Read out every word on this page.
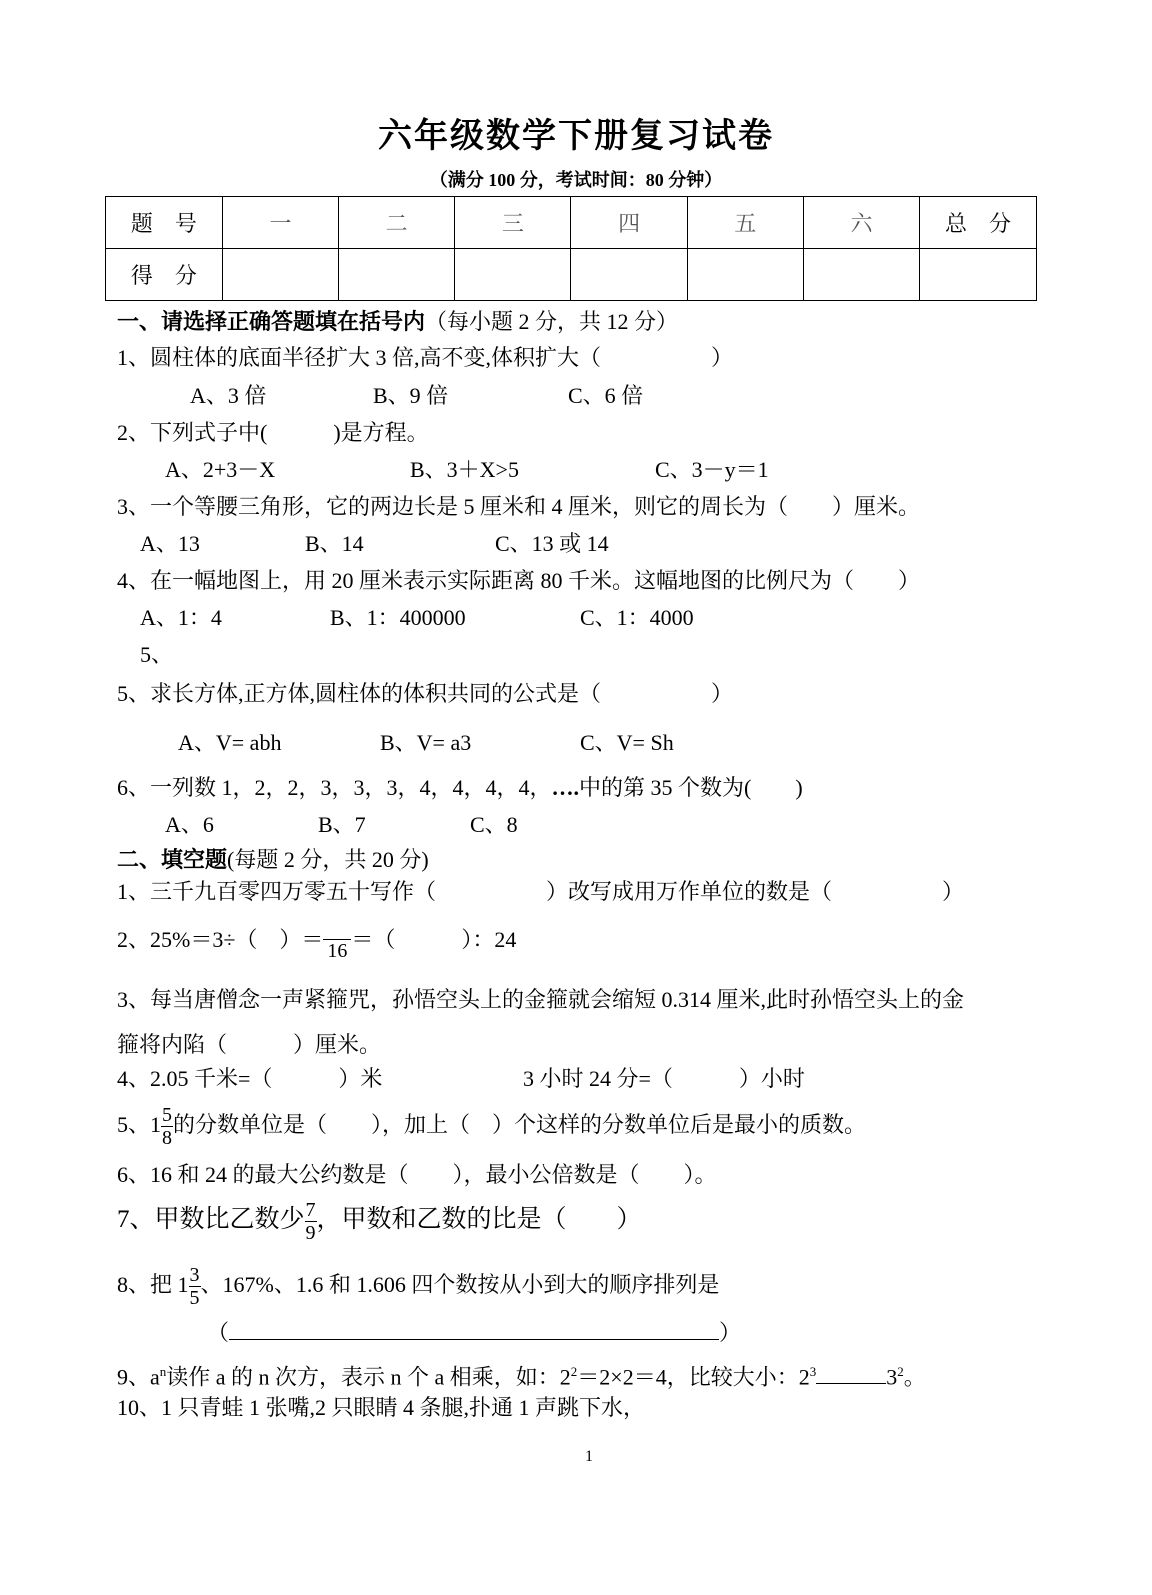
六年级数学下册复习试卷
（满分 100 分，考试时间：80 分钟）
题　号	一	二	三	四	五	六	总　分
得　分							
一、请选择正确答题填在括号内（每小题 2 分，共 12 分）
1、圆柱体的底面半径扩大 3 倍,高不变,体积扩大（　　　　　）
A、3 倍	B、9 倍	C、6 倍
2、下列式子中(　　　)是方程。
A、2+3－X	B、3＋X>5	C、3－y＝1
3、一个等腰三角形，它的两边长是 5 厘米和 4 厘米，则它的周长为（　　）厘米。
A、13	B、14	C、13 或 14
4、在一幅地图上，用 20 厘米表示实际距离 80 千米。这幅地图的比例尺为（　　）
A、1：4	B、1：400000	C、1：4000
5、
5、求长方体,正方体,圆柱体的体积共同的公式是（　　　　　）
A、V= abh	B、V= a3	C、V= Sh
6、一列数 1，2，2，3，3，3，4，4，4，4，….中的第 35 个数为(　　)
A、6	B、7	C、8
二、填空题(每题 2 分，共 20 分)
1、三千九百零四万零五十写作（　　　　　）改写成用万作单位的数是（　　　　　）
2、25%＝3÷（　）＝ 16 ＝（　　　）：24
3、每当唐僧念一声紧箍咒，孙悟空头上的金箍就会缩短 0.314 厘米,此时孙悟空头上的金
箍将内陷（　　　）厘米。
4、2.05 千米=（　　　）米	3 小时 24 分=（　　　）小时
5、$1 \frac{5}{8}$ 的分数单位是（　　），加上（　）个这样的分数单位后是最小的质数。
6、16 和 24 的最大公约数是（　　），最小公倍数是（　　）。
7、甲数比乙数少 $\frac{7}{9}$ ，甲数和乙数的比是（　　）
8、把 $1 \frac{3}{5}$ 、167%、1.6 和 1.606 四个数按从小到大的顺序排列是
（	）
9、$a^n$读作 a 的 n 次方，表示 n 个 a 相乘，如：$2^2=2\times 2=4$，比较大小：$2^3$	$3^2$。
10、1 只青蛙 1 张嘴,2 只眼睛 4 条腿,扑通 1 声跳下水，
1
